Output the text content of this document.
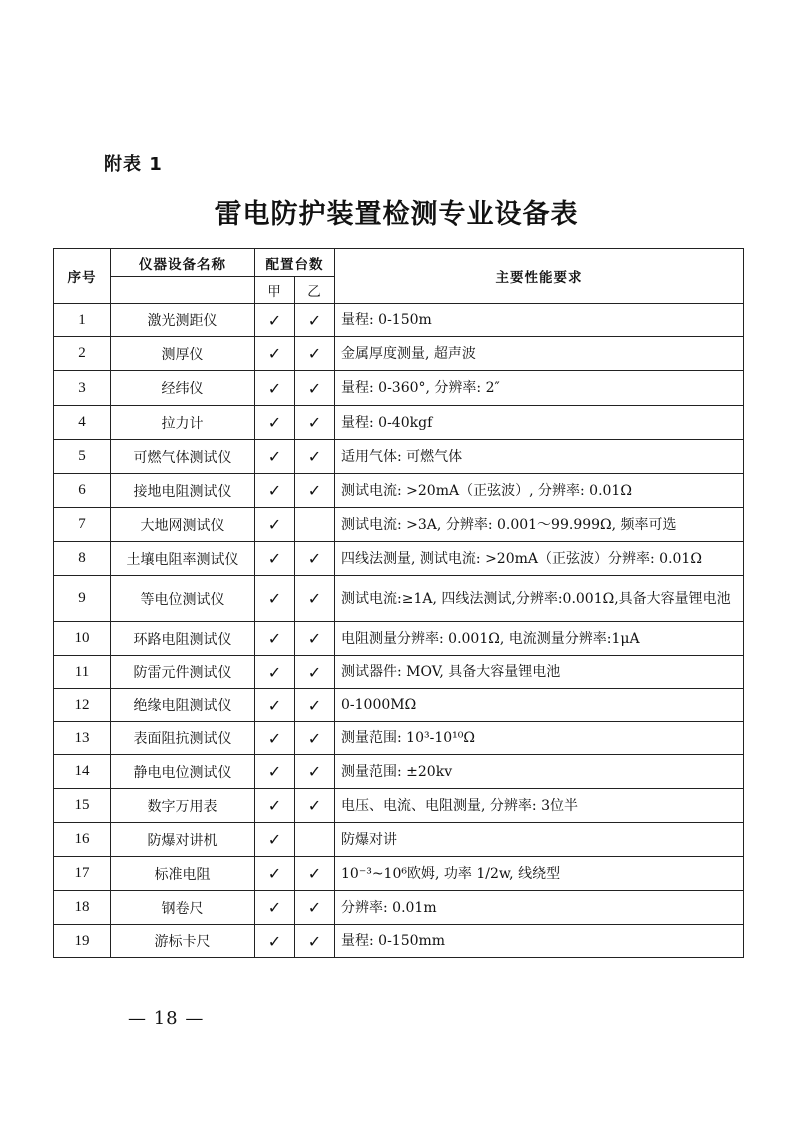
附表 1
雷电防护装置检测专业设备表
序号	仪器设备名称	配置台数		主要性能要求
		甲	乙	
1	激光测距仪	✓	✓	量程: 0-150m
2	测厚仪	✓	✓	金属厚度测量, 超声波
3	经纬仪	✓	✓	量程: 0-360°, 分辨率: 2″
4	拉力计	✓	✓	量程: 0-40kgf
5	可燃气体测试仪	✓	✓	适用气体: 可燃气体
6	接地电阻测试仪	✓	✓	测试电流: >20mA（正弦波）, 分辨率: 0.01Ω
7	大地网测试仪	✓		测试电流: >3A, 分辨率: 0.001～99.999Ω, 频率可选
8	土壤电阻率测试仪	✓	✓	四线法测量, 测试电流: >20mA（正弦波）分辨率: 0.01Ω
9	等电位测试仪	✓	✓	测试电流:≥1A, 四线法测试,分辨率:0.001Ω,具备大容量锂电池
10	环路电阻测试仪	✓	✓	电阻测量分辨率: 0.001Ω, 电流测量分辨率:1μA
11	防雷元件测试仪	✓	✓	测试器件: MOV, 具备大容量锂电池
12	绝缘电阻测试仪	✓	✓	0-1000MΩ
13	表面阻抗测试仪	✓	✓	测量范围: 10³-10¹⁰Ω
14	静电电位测试仪	✓	✓	测量范围: ±20kv
15	数字万用表	✓	✓	电压、电流、电阻测量, 分辨率: 3位半
16	防爆对讲机	✓		防爆对讲
17	标准电阻	✓	✓	10⁻³~10⁶欧姆, 功率 1/2w, 线绕型
18	钢卷尺	✓	✓	分辨率: 0.01m
19	游标卡尺	✓	✓	量程: 0-150mm
— 18 —
